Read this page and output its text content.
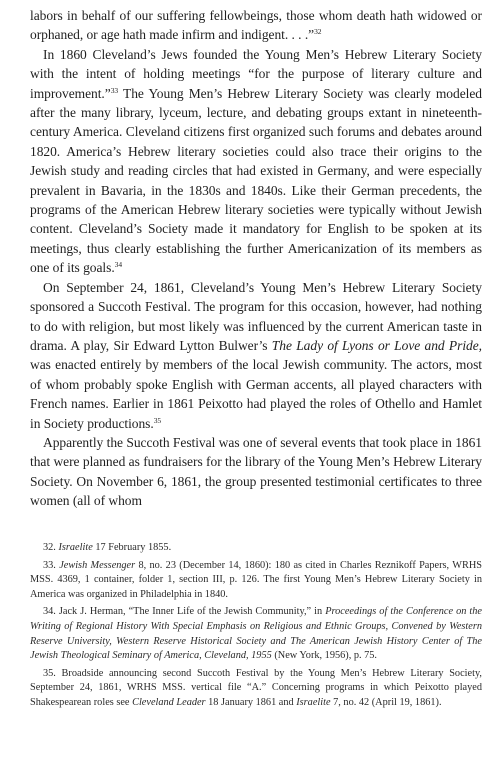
labors in behalf of our suffering fellowbeings, those whom death hath widowed or orphaned, or age hath made infirm and indigent. . . .”$^{32}$

In 1860 Cleveland’s Jews founded the Young Men’s Hebrew Literary Society with the intent of holding meetings “for the purpose of literary culture and improvement.”$^{33}$ The Young Men’s Hebrew Literary Society was clearly modeled after the many library, lyceum, lecture, and debating groups extant in nineteenth-century America. Cleveland citizens first organized such forums and debates around 1820. America’s Hebrew literary societies could also trace their origins to the Jewish study and reading circles that had existed in Germany, and were especially prevalent in Bavaria, in the 1830s and 1840s. Like their German precedents, the programs of the American Hebrew literary societies were typically without Jewish content. Cleveland’s Society made it mandatory for English to be spoken at its meetings, thus clearly establishing the further Americanization of its members as one of its goals.$^{34}$

On September 24, 1861, Cleveland’s Young Men’s Hebrew Literary Society sponsored a Succoth Festival. The program for this occasion, however, had nothing to do with religion, but most likely was influenced by the current American taste in drama. A play, Sir Edward Lytton Bulwer’s The Lady of Lyons or Love and Pride, was enacted entirely by members of the local Jewish community. The actors, most of whom probably spoke English with German accents, all played characters with French names. Earlier in 1861 Peixotto had played the roles of Othello and Hamlet in Society productions.$^{35}$

Apparently the Succoth Festival was one of several events that took place in 1861 that were planned as fundraisers for the library of the Young Men’s Hebrew Literary Society. On November 6, 1861, the group presented testimonial certificates to three women (all of whom

32. Israelite 17 February 1855.

33. Jewish Messenger 8, no. 23 (December 14, 1860): 180 as cited in Charles Reznikoff Papers, WRHS MSS. 4369, 1 container, folder 1, section III, p. 126. The first Young Men’s Hebrew Literary Society in America was organized in Philadelphia in 1840.

34. Jack J. Herman, “The Inner Life of the Jewish Community,” in Proceedings of the Conference on the Writing of Regional History With Special Emphasis on Religious and Ethnic Groups, Convened by Western Reserve University, Western Reserve Historical Society and The American Jewish History Center of The Jewish Theological Seminary of America, Cleveland, 1955 (New York, 1956), p. 75.

35. Broadside announcing second Succoth Festival by the Young Men’s Hebrew Literary Society, September 24, 1861, WRHS MSS. vertical file “A.” Concerning programs in which Peixotto played Shakespearean roles see Cleveland Leader 18 January 1861 and Israelite 7, no. 42 (April 19, 1861).
